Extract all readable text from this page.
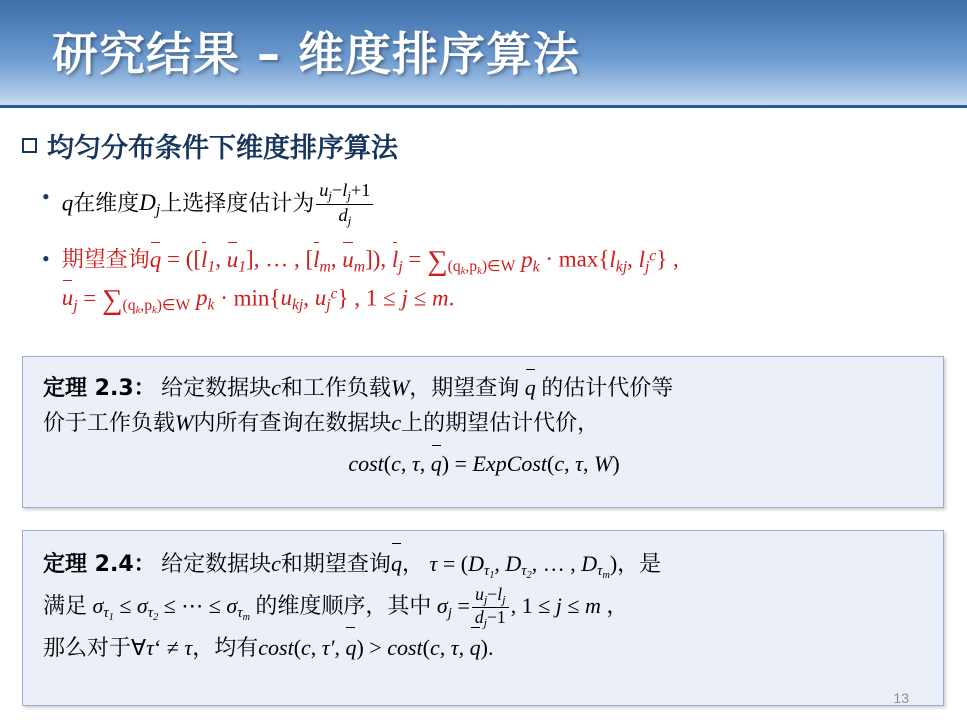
研究结果 – 维度排序算法
均匀分布条件下维度排序算法
• q在维度$D_j$上选择度估计为 $\frac{u_j-l_j+1}{d_j}$
• 期望查询$q = ([l_1$, $u_1$], … , [$l_m$, $u_m$]), $l_j = \sum_{(q_k,p_k)\in W}$ $p_k \cdot \max\{l_{kj}$, $l_j^c$} ,
$u_j = \sum_{(q_k,p_k)\in W}$ $p_k \cdot \min\{u_{kj}$, $u_j^c$} , 1 ≤ j ≤ m.
定理 2.3： 给定数据块c和工作负载W，期望查询 q 的估计代价等
价于工作负载W内所有查询在数据块c上的期望估计代价，
cost(c, τ, q) = ExpCost(c, τ, W)
定理 2.4： 给定数据块c和期望查询q， $\tau = (D_{\tau_1}$, $D_{\tau_2}$, … , $D_{\tau_m}$)，是
满足 $\sigma_{\tau_1} \le \sigma_{\tau_2}$ ≤ ⋯ ≤ $\sigma_{\tau_m}$ 的维度顺序，其中 $\sigma_j = \frac{u_j-l_j}{d_j-1}$ , 1 ≤ j ≤ m ，
那么对于∀τ‘ ≠ τ，均有cost(c, τ′, q) > cost(c, τ, q).
13
